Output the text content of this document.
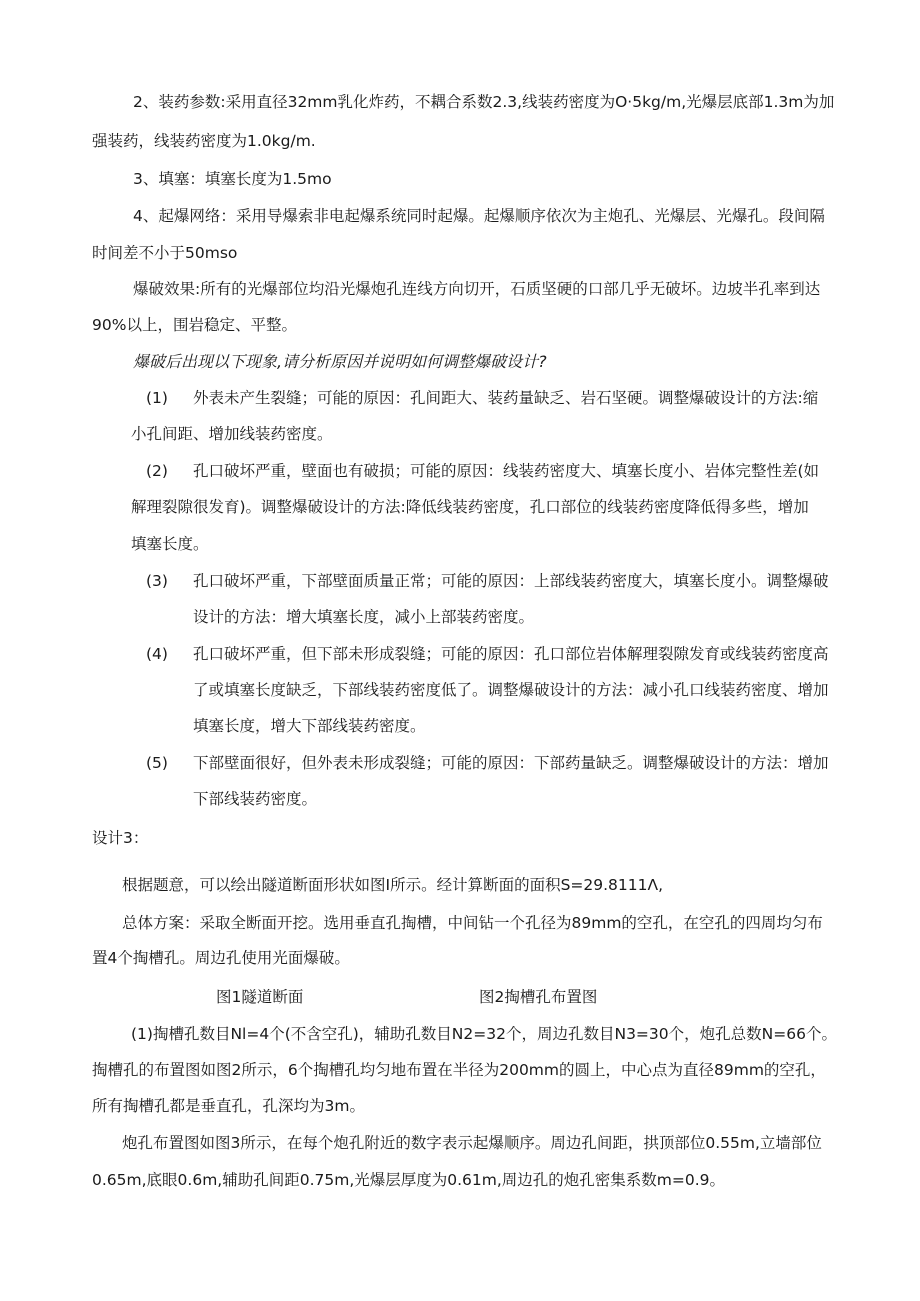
2、装药参数:采用直径32mm乳化炸药，不耦合系数2.3,线装药密度为O·5kg∕m,光爆层底部1.3m为加

强装药，线装药密度为1.0kg∕m.

3、填塞：填塞长度为1.5mo

4、起爆网络：采用导爆索非电起爆系统同时起爆。起爆顺序依次为主炮孔、光爆层、光爆孔。段间隔

时间差不小于50mso

爆破效果:所有的光爆部位均沿光爆炮孔连线方向切开，石质坚硬的口部几乎无破坏。边坡半孔率到达

90%以上，围岩稳定、平整。

爆破后出现以下现象,请分析原因并说明如何调整爆破设计?

(1) 外表未产生裂缝；可能的原因：孔间距大、装药量缺乏、岩石坚硬。调整爆破设计的方法:缩

小孔间距、增加线装药密度。

(2) 孔口破坏严重，壁面也有破损；可能的原因：线装药密度大、填塞长度小、岩体完整性差(如

解理裂隙很发育)。调整爆破设计的方法:降低线装药密度，孔口部位的线装药密度降低得多些，增加

填塞长度。

(3) 孔口破坏严重，下部壁面质量正常；可能的原因：上部线装药密度大，填塞长度小。调整爆破

设计的方法：增大填塞长度，减小上部装药密度。

(4) 孔口破坏严重，但下部未形成裂缝；可能的原因：孔口部位岩体解理裂隙发育或线装药密度高

了或填塞长度缺乏，下部线装药密度低了。调整爆破设计的方法：减小孔口线装药密度、增加

填塞长度，增大下部线装药密度。

(5) 下部壁面很好，但外表未形成裂缝；可能的原因：下部药量缺乏。调整爆破设计的方法：增加

下部线装药密度。

设计3：

根据题意，可以绘出隧道断面形状如图I所示。经计算断面的面积S=29.8111Λ,

总体方案：采取全断面开挖。选用垂直孔掏槽，中间钻一个孔径为89mm的空孔，在空孔的四周均匀布

置4个掏槽孔。周边孔使用光面爆破。

图1隧道断面	图2掏槽孔布置图

(1)掏槽孔数目Nl=4个(不含空孔)，辅助孔数目N2=32个，周边孔数目N3=30个，炮孔总数N=66个。

掏槽孔的布置图如图2所示，6个掏槽孔均匀地布置在半径为200mm的圆上，中心点为直径89mm的空孔，

所有掏槽孔都是垂直孔，孔深均为3m。

炮孔布置图如图3所示，在每个炮孔附近的数字表示起爆顺序。周边孔间距，拱顶部位0.55m,立墙部位

0.65m,底眼0.6m,辅助孔间距0.75m,光爆层厚度为0.61m,周边孔的炮孔密集系数m=0.9。
